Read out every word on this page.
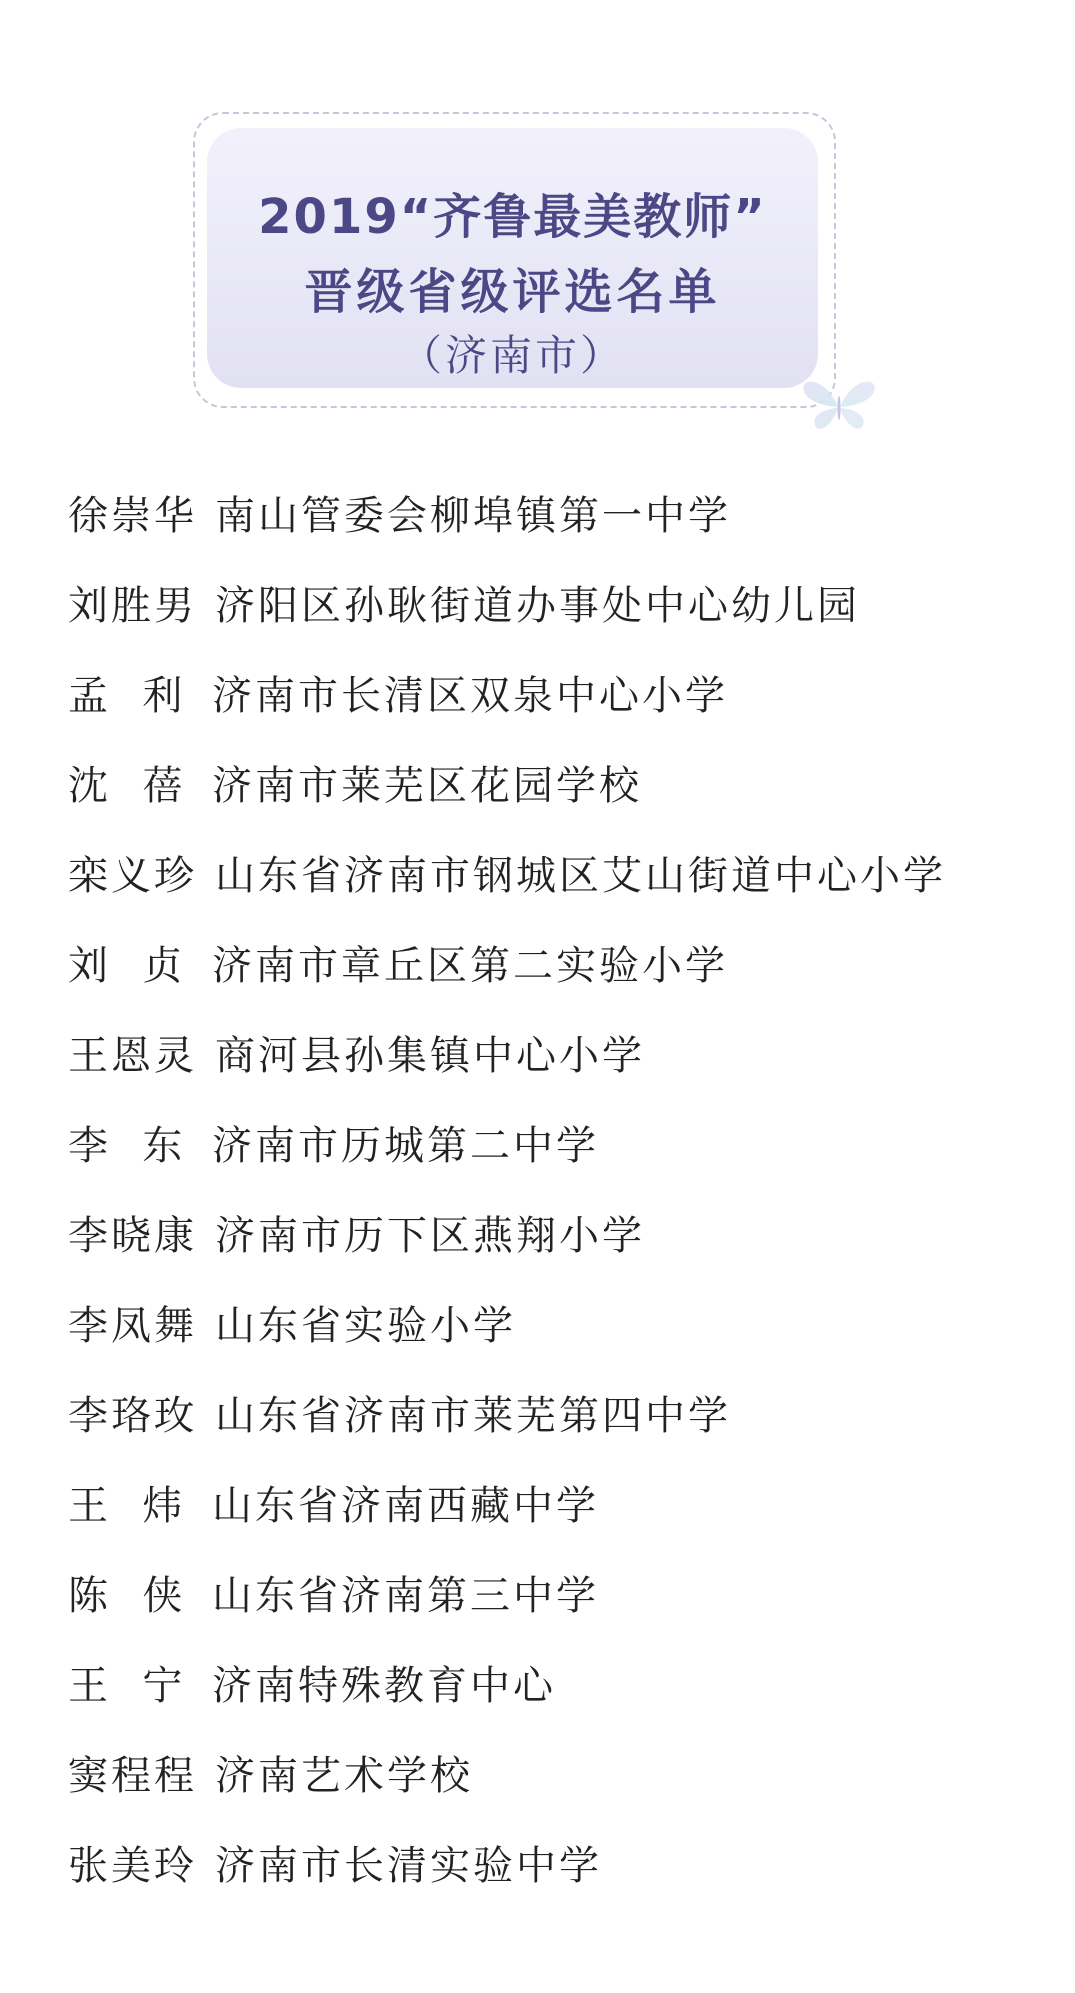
2019“齐鲁最美教师”
晋级省级评选名单
（济南市）
徐崇华 南山管委会柳埠镇第一中学
刘胜男 济阳区孙耿街道办事处中心幼儿园
孟  利 济南市长清区双泉中心小学
沈  蓓 济南市莱芜区花园学校
栾义珍 山东省济南市钢城区艾山街道中心小学
刘  贞 济南市章丘区第二实验小学
王恩灵 商河县孙集镇中心小学
李  东 济南市历城第二中学
李晓康 济南市历下区燕翔小学
李凤舞 山东省实验小学
李珞玫 山东省济南市莱芜第四中学
王  炜 山东省济南西藏中学
陈  侠 山东省济南第三中学
王  宁 济南特殊教育中心
窦程程 济南艺术学校
张美玲 济南市长清实验中学
